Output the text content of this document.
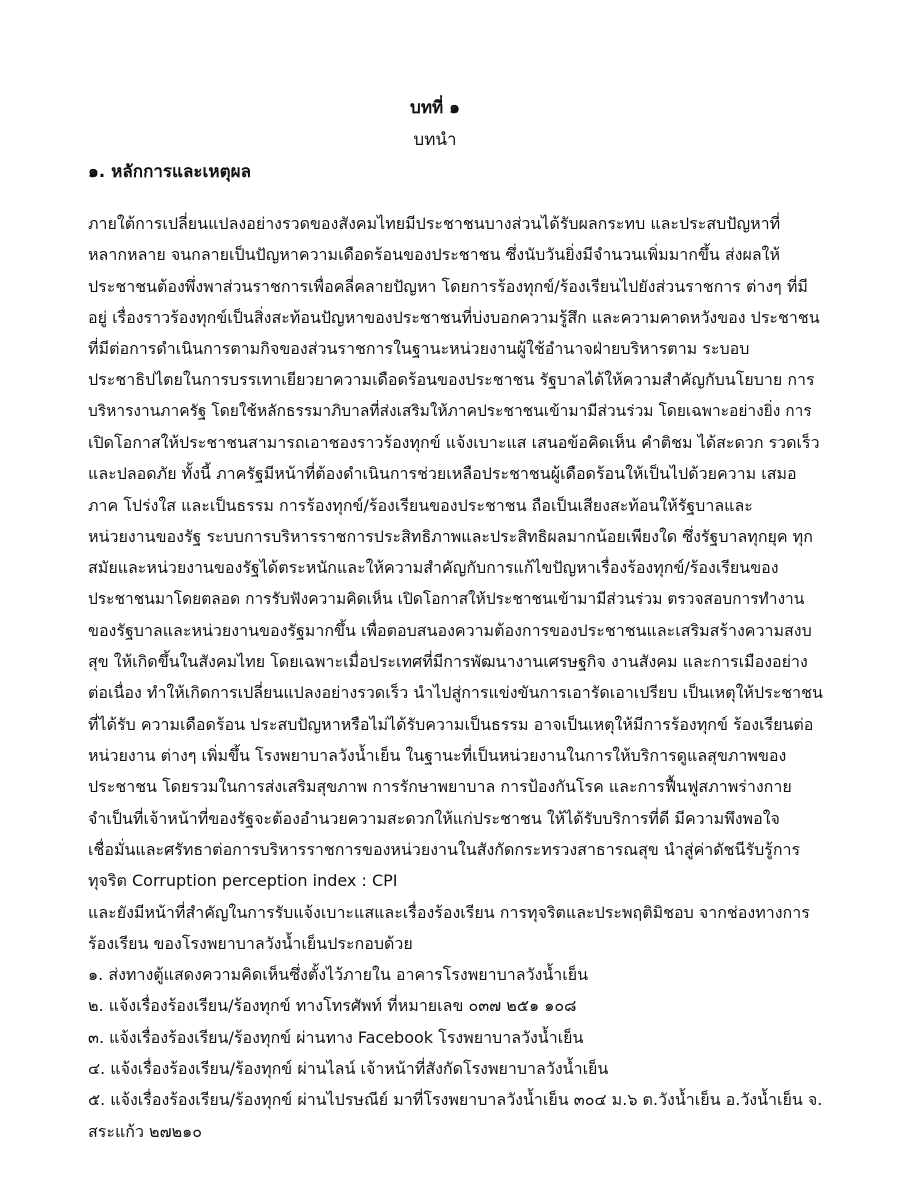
บทที่ ๑
บทนำ
๑. หลักการและเหตุผล
ภายใต้การเปลี่ยนแปลงอย่างรวดของสังคมไทยมีประชาชนบางส่วนได้รับผลกระทบ และประสบปัญหาที่
หลากหลาย จนกลายเป็นปัญหาความเดือดร้อนของประชาชน ซึ่งนับวันยิ่งมีจำนวนเพิ่มมากขึ้น ส่งผลให้
ประชาชนต้องพึ่งพาส่วนราชการเพื่อคลี่คลายปัญหา โดยการร้องทุกข์/ร้องเรียนไปยังส่วนราชการ ต่างๆ ที่มี
อยู่ เรื่องราวร้องทุกข์เป็นสิ่งสะท้อนปัญหาของประชาชนที่บ่งบอกความรู้สึก และความคาดหวังของ ประชาชน
ที่มีต่อการดำเนินการตามกิจของส่วนราชการในฐานะหน่วยงานผู้ใช้อำนาจฝ่ายบริหารตาม ระบอบ
ประชาธิปไตยในการบรรเทาเยียวยาความเดือดร้อนของประชาชน รัฐบาลได้ให้ความสำคัญกับนโยบาย การ
บริหารงานภาครัฐ โดยใช้หลักธรรมาภิบาลที่ส่งเสริมให้ภาคประชาชนเข้ามามีส่วนร่วม โดยเฉพาะอย่างยิ่ง การ
เปิดโอกาสให้ประชาชนสามารถเอาชองราวร้องทุกข์ แจ้งเบาะแส เสนอข้อคิดเห็น คำติชม ได้สะดวก รวดเร็ว
และปลอดภัย ทั้งนี้ ภาครัฐมีหน้าที่ต้องดำเนินการช่วยเหลือประชาชนผู้เดือดร้อนให้เป็นไปด้วยความ เสมอ
ภาค โปร่งใส และเป็นธรรม การร้องทุกข์/ร้องเรียนของประชาชน ถือเป็นเสียงสะท้อนให้รัฐบาลและ
หน่วยงานของรัฐ ระบบการบริหารราชการประสิทธิภาพและประสิทธิผลมากน้อยเพียงใด ซึ่งรัฐบาลทุกยุค ทุก
สมัยและหน่วยงานของรัฐได้ตระหนักและให้ความสำคัญกับการแก้ไขปัญหาเรื่องร้องทุกข์/ร้องเรียนของ
ประชาชนมาโดยตลอด การรับฟังความคิดเห็น เปิดโอกาสให้ประชาชนเข้ามามีส่วนร่วม ตรวจสอบการทำงาน
ของรัฐบาลและหน่วยงานของรัฐมากขึ้น เพื่อตอบสนองความต้องการของประชาชนและเสริมสร้างความสงบ
สุข ให้เกิดขึ้นในสังคมไทย โดยเฉพาะเมื่อประเทศที่มีการพัฒนางานเศรษฐกิจ งานสังคม และการเมืองอย่าง
ต่อเนื่อง ทำให้เกิดการเปลี่ยนแปลงอย่างรวดเร็ว นำไปสู่การแข่งขันการเอารัดเอาเปรียบ เป็นเหตุให้ประชาชน
ที่ได้รับ ความเดือดร้อน ประสบปัญหาหรือไม่ได้รับความเป็นธรรม อาจเป็นเหตุให้มีการร้องทุกข์ ร้องเรียนต่อ
หน่วยงาน ต่างๆ เพิ่มขึ้น โรงพยาบาลวังน้ำเย็น ในฐานะที่เป็นหน่วยงานในการให้บริการดูแลสุขภาพของ
ประชาชน โดยรวมในการส่งเสริมสุขภาพ การรักษาพยาบาล การป้องกันโรค และการฟื้นฟูสภาพร่างกาย
จำเป็นที่เจ้าหน้าที่ของรัฐจะต้องอำนวยความสะดวกให้แก่ประชาชน ให้ได้รับบริการที่ดี มีความพึงพอใจ
เชื่อมั่นและศรัทธาต่อการบริหารราชการของหน่วยงานในสังกัดกระทรวงสาธารณสุข นำสู่ค่าดัชนีรับรู้การ
ทุจริต Corruption perception index : CPI
และยังมีหน้าที่สำคัญในการรับแจ้งเบาะแสและเรื่องร้องเรียน การทุจริตและประพฤติมิชอบ จากช่องทางการ
ร้องเรียน ของโรงพยาบาลวังน้ำเย็นประกอบด้วย
๑. ส่งทางตู้แสดงความคิดเห็นซึ่งตั้งไว้ภายใน อาคารโรงพยาบาลวังน้ำเย็น
๒. แจ้งเรื่องร้องเรียน/ร้องทุกข์ ทางโทรศัพท์ ที่หมายเลข ๐๓๗ ๒๕๑ ๑๐๘
๓. แจ้งเรื่องร้องเรียน/ร้องทุกข์ ผ่านทาง Facebook โรงพยาบาลวังน้ำเย็น
๔. แจ้งเรื่องร้องเรียน/ร้องทุกข์ ผ่านไลน์ เจ้าหน้าที่สังกัดโรงพยาบาลวังน้ำเย็น
๕. แจ้งเรื่องร้องเรียน/ร้องทุกข์ ผ่านไปรษณีย์ มาที่โรงพยาบาลวังน้ำเย็น ๓๐๔ ม.๖ ต.วังน้ำเย็น อ.วังน้ำเย็น จ.
สระแก้ว ๒๗๒๑๐
